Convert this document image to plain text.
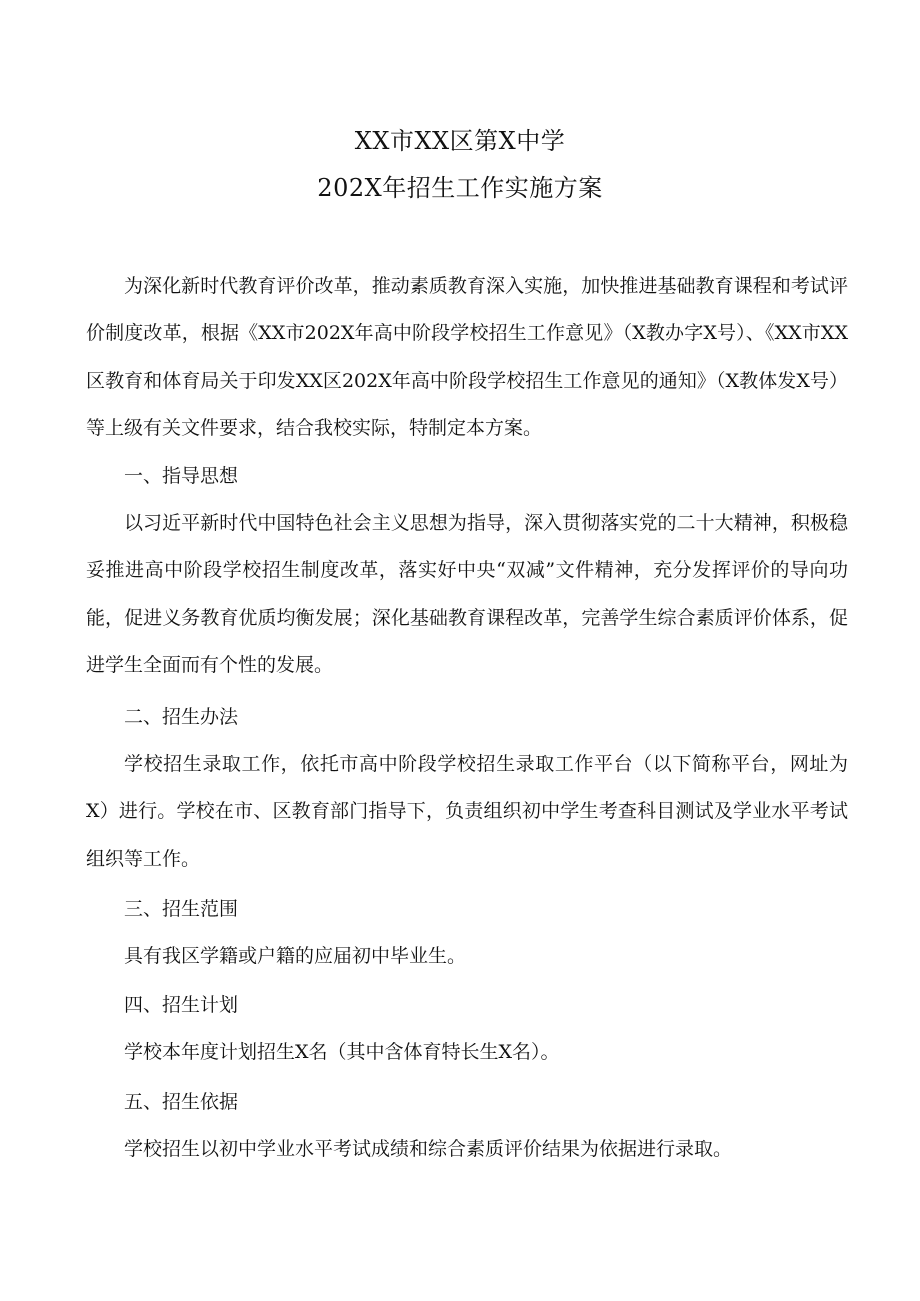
XX市XX区第X中学
202X年招生工作实施方案

为深化新时代教育评价改革，推动素质教育深入实施，加快推进基础教育课程和考试评价制度改革，根据《XX市202X年高中阶段学校招生工作意见》（X教办字X号）、《XX市XX区教育和体育局关于印发XX区202X年高中阶段学校招生工作意见的通知》（X教体发X号）等上级有关文件要求，结合我校实际，特制定本方案。

一、指导思想

以习近平新时代中国特色社会主义思想为指导，深入贯彻落实党的二十大精神，积极稳妥推进高中阶段学校招生制度改革，落实好中央“双减”文件精神，充分发挥评价的导向功能，促进义务教育优质均衡发展；深化基础教育课程改革，完善学生综合素质评价体系，促进学生全面而有个性的发展。

二、招生办法

学校招生录取工作，依托市高中阶段学校招生录取工作平台（以下简称平台，网址为X）进行。学校在市、区教育部门指导下，负责组织初中学生考查科目测试及学业水平考试组织等工作。

三、招生范围

具有我区学籍或户籍的应届初中毕业生。

四、招生计划

学校本年度计划招生X名（其中含体育特长生X名）。

五、招生依据

学校招生以初中学业水平考试成绩和综合素质评价结果为依据进行录取。
